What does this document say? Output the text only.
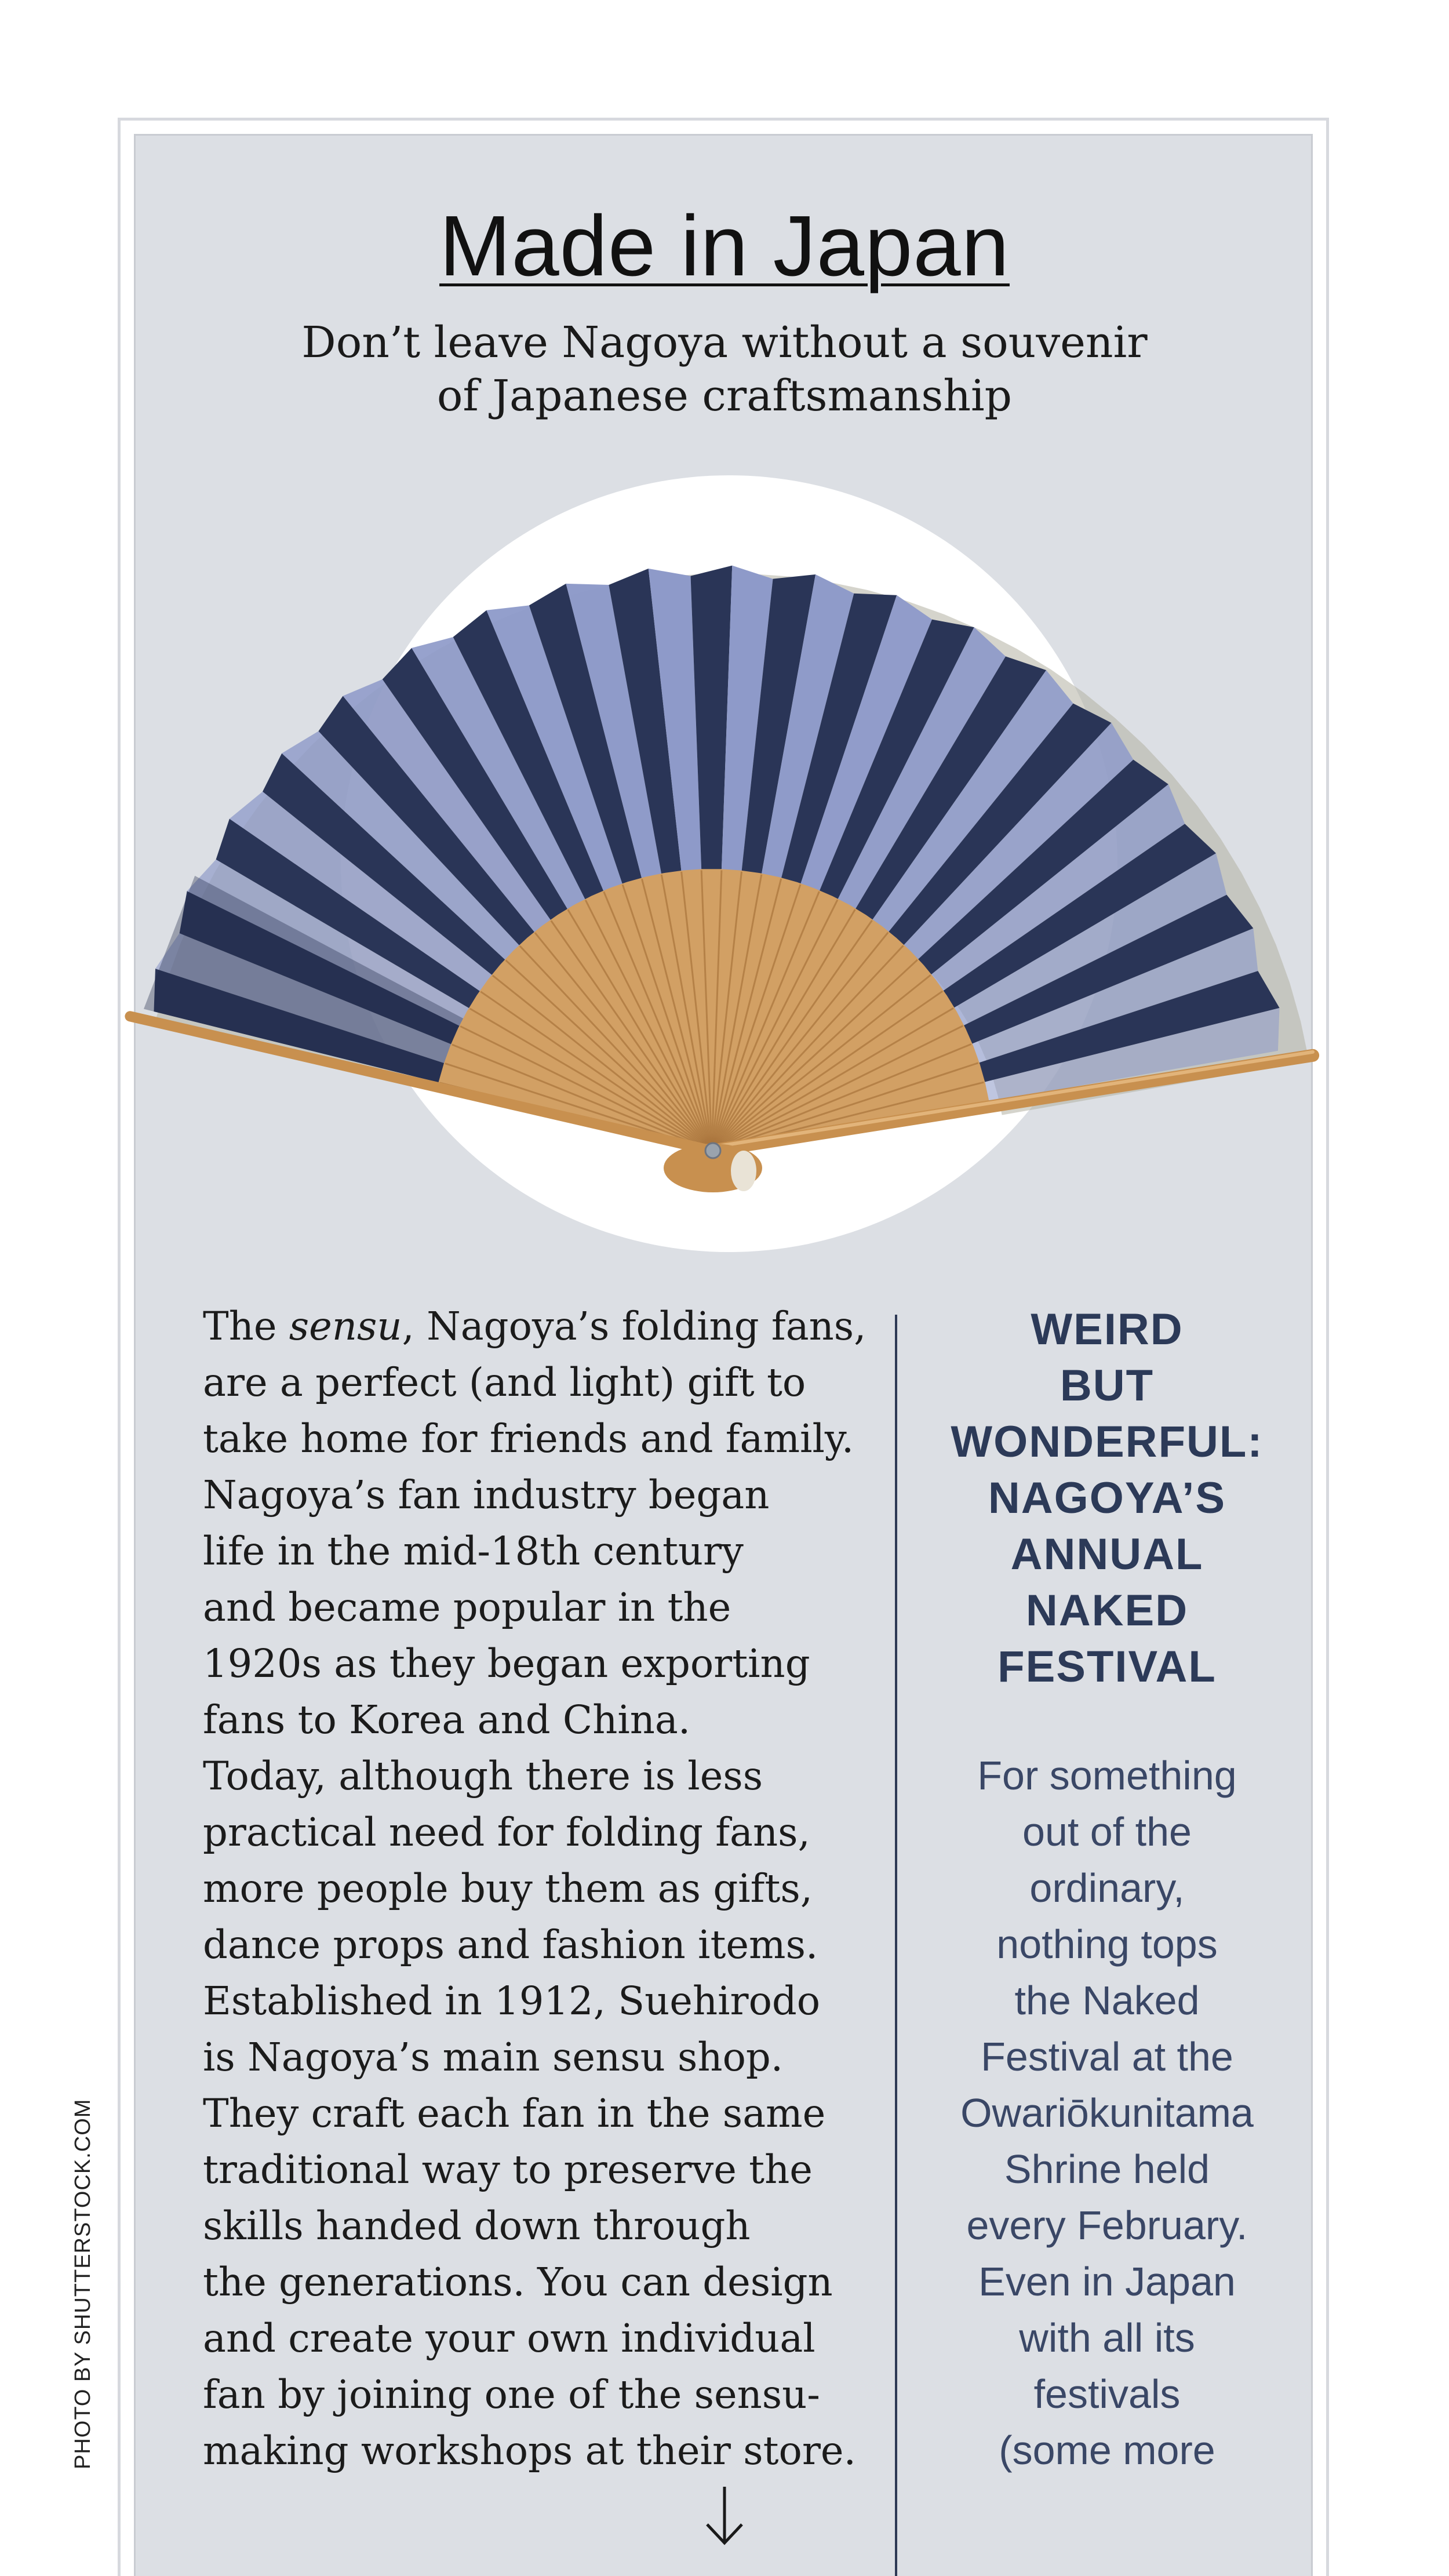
Made in Japan

Don’t leave Nagoya without a souvenir
of Japanese craftsmanship

The sensu, Nagoya’s folding fans,
are a perfect (and light) gift to
take home for friends and family.
Nagoya’s fan industry began
life in the mid-18th century
and became popular in the
1920s as they began exporting
fans to Korea and China.
Today, although there is less
practical need for folding fans,
more people buy them as gifts,
dance props and fashion items.
Established in 1912, Suehirodo
is Nagoya’s main sensu shop.
They craft each fan in the same
traditional way to preserve the
skills handed down through
the generations. You can design
and create your own individual
fan by joining one of the sensu-
making workshops at their store.
WEIRD
BUT
WONDERFUL:
NAGOYA’S
ANNUAL
NAKED
FESTIVAL
For something
out of the
ordinary,
nothing tops
the Naked
Festival at the
Owariōkunitama
Shrine held
every February.
Even in Japan
with all its
festivals
(some more
PHOTO BY SHUTTERSTOCK.COM
